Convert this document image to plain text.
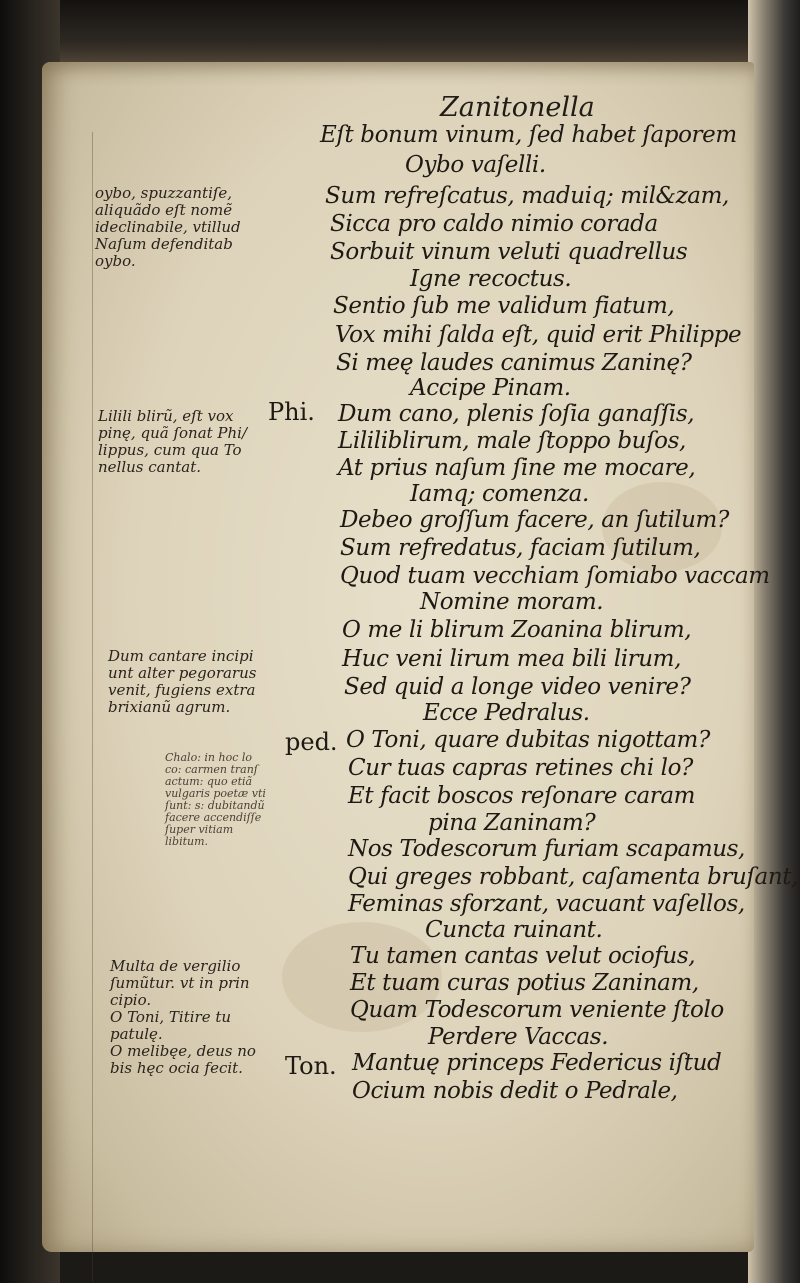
Zanitonella
Eſt bonum vinum, ſed habet ſaporem
Oybo vaſelli.
Sum refreſcatus, maduiq; mil&zam,
Sicca pro caldo nimio corada
Sorbuit vinum veluti quadrellus
Igne recoctus.
Sentio ſub me validum fiatum,
Vox mihi ſalda eſt, quid erit Philippe
Si meę laudes canimus Zaninę?
Accipe Pinam.
Dum cano, plenis ſoſia ganaſſis,
Lililiblirum, male ſtoppo buſos,
At prius naſum ſine me mocare,
Iamq; comenza.
Debeo groſſum facere, an ſutilum?
Sum refredatus, faciam ſutilum,
Quod tuam vecchiam ſomiabo vaccam
Nomine moram.
O me li blirum Zoanina blirum,
Huc veni lirum mea bili lirum,
Sed quid a longe video venire?
Ecce Pedralus.
O Toni, quare dubitas nigottam?
Cur tuas capras retines chi lo?
Et facit boscos reſonare caram
pina Zaninam?
Nos Todescorum furiam scapamus,
Qui greges robbant, caſamenta bruſant,
Feminas sforzant, vacuant vaſellos,
Cuncta ruinant.
Tu tamen cantas velut ociofus,
Et tuam curas potius Zaninam,
Quam Todescorum veniente ſtolo
Perdere Vaccas.
Mantuę princeps Federicus iſtud
Ocium nobis dedit o Pedrale,
Phi.
ped.
Ton.
oybo, spuzzantiſe,
aliquãdo eſt nomẽ
ideclinabile, vtillud
Naſum defenditab
oybo.
Lilili blirũ, eſt vox
pinę, quã ſonat Phi/
lippus, cum qua To
nellus cantat.
Dum cantare incipi
unt alter pegorarus
venit, fugiens extra
brixianũ agrum.
Chalo: in hoc lo
co: carmen tranſ
actum: quo etiã
vulgaris poetæ vti
ſunt: s: dubitandũ
facere accendiſſe
ſuper vitiam
libitum.
Multa de vergilio
ſumũtur. vt in prin
cipio.
O Toni, Titire tu
patulę.
O melibęe, deus no
bis hęc ocia fecit.
